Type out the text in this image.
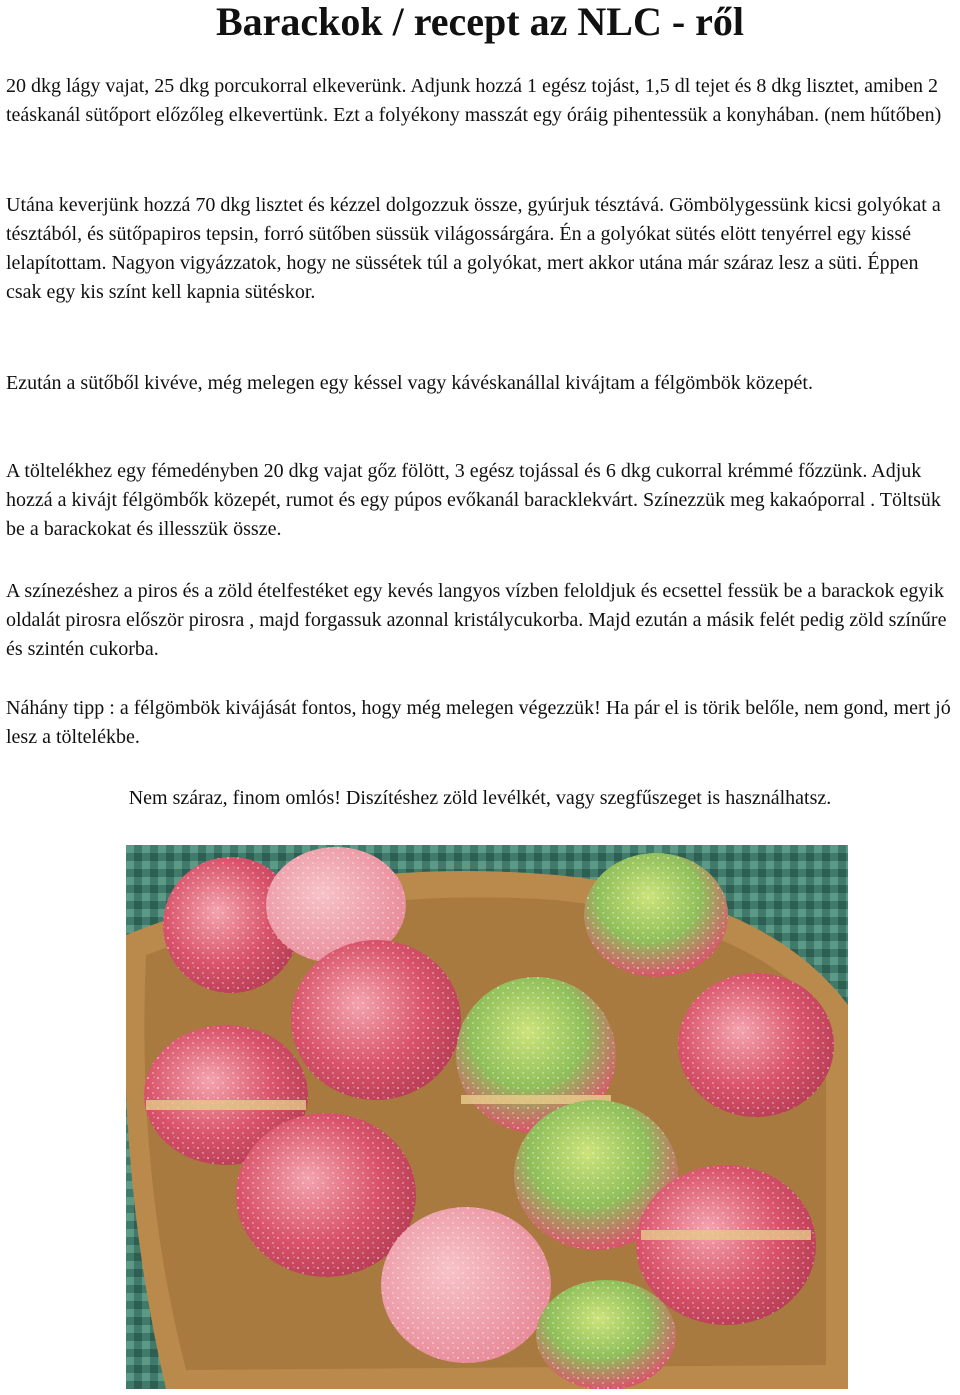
Barackok / recept az NLC - ről

20 dkg lágy vajat, 25 dkg porcukorral elkeverünk. Adjunk hozzá 1 egész tojást, 1,5 dl tejet és 8 dkg lisztet, amiben 2 teáskanál sütőport előzőleg elkevertünk. Ezt a folyékony masszát egy óráig pihentessük a konyhában. (nem hűtőben)

Utána keverjünk hozzá 70 dkg lisztet és kézzel dolgozzuk össze, gyúrjuk tésztává. Gömbölygessünk kicsi golyókat a tésztából, és sütőpapiros tepsin, forró sütőben süssük világossárgára. Én a golyókat sütés elött tenyérrel egy kissé lelapítottam. Nagyon vigyázzatok, hogy ne süssétek túl a golyókat, mert akkor utána már száraz lesz a süti. Éppen csak egy kis színt kell kapnia sütéskor.

Ezután a sütőből kivéve, még melegen egy késsel vagy kávéskanállal kivájtam a félgömbök közepét.

A töltelékhez egy fémedényben 20 dkg vajat gőz fölött, 3 egész tojással és 6 dkg cukorral krémmé főzzünk. Adjuk hozzá a kivájt félgömbők közepét, rumot és egy púpos evőkanál baracklekvárt. Színezzük meg kakaóporral . Töltsük be a barackokat és illesszük össze.

A színezéshez a piros és a zöld ételfestéket egy kevés langyos vízben feloldjuk és ecsettel fessük be a barackok egyik oldalát pirosra először pirosra , majd forgassuk azonnal kristálycukorba. Majd ezután a másik felét pedig zöld színűre és szintén cukorba.

Náhány tipp : a félgömbök kivájását fontos, hogy még melegen végezzük! Ha pár el is törik belőle, nem gond, mert jó lesz a töltelékbe.

Nem száraz, finom omlós! Diszítéshez zöld levélkét, vagy szegfűszeget is használhatsz.
